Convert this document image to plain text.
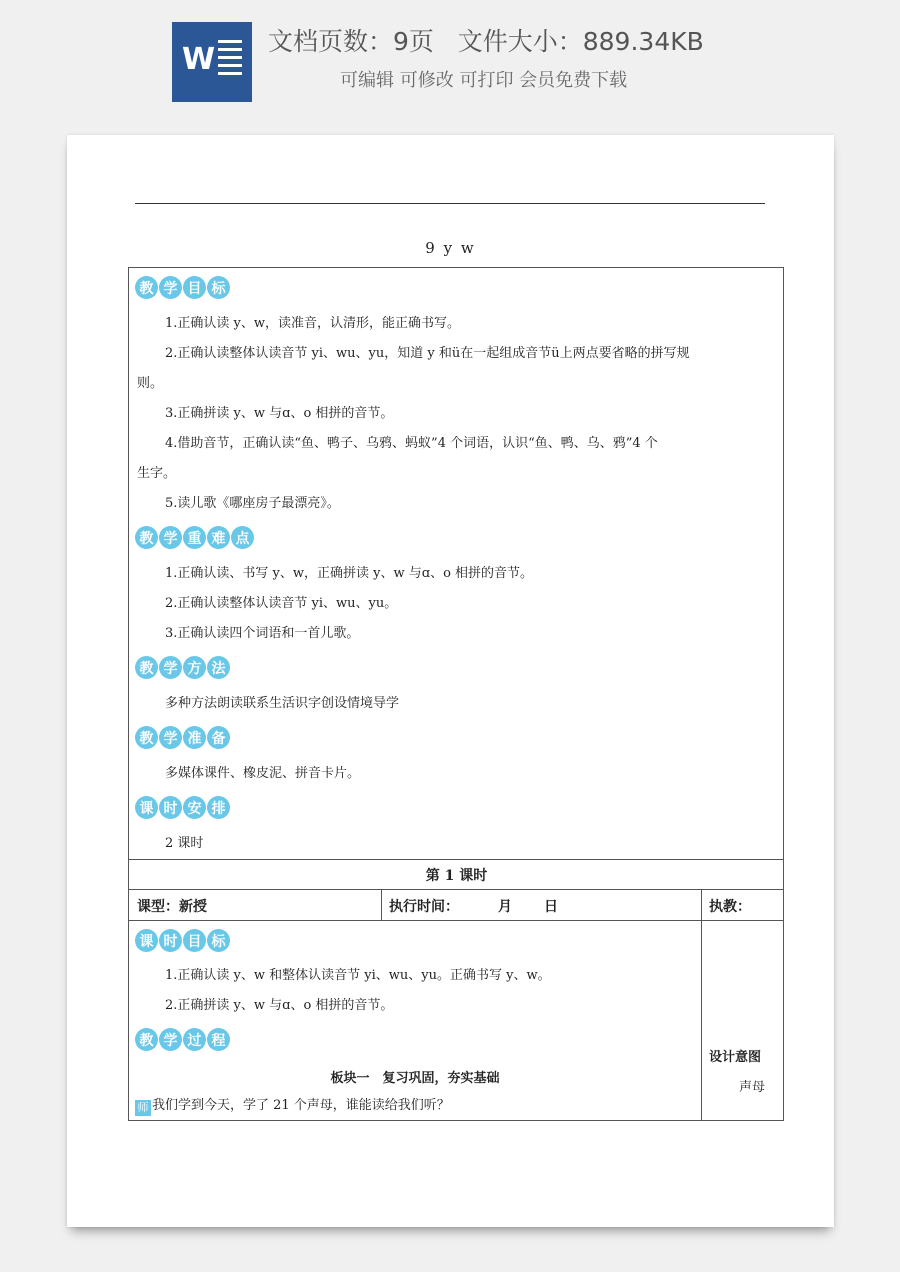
W
文档页数：9页   文件大小：889.34KB
可编辑 可修改 可打印 会员免费下载
9 y w
教 学 目 标
1.正确认读 y、w，读准音，认清形，能正确书写。
2.正确认读整体认读音节 yi、wu、yu，知道 y 和ü在一起组成音节ü上两点要省略的拼写规
则。
3.正确拼读 y、w 与ɑ、o 相拼的音节。
4.借助音节，正确认读“鱼、鸭子、乌鸦、蚂蚁”4 个词语，认识“鱼、鸭、乌、鸦”4 个
生字。
5.读儿歌《哪座房子最漂亮》。
教 学 重 难 点
1.正确认读、书写 y、w，正确拼读 y、w 与ɑ、o 相拼的音节。
2.正确认读整体认读音节 yi、wu、yu。
3.正确认读四个词语和一首儿歌。
教 学 方 法
多种方法朗读联系生活识字创设情境导学
教 学 准 备
多媒体课件、橡皮泥、拼音卡片。
课 时 安 排
2 课时
第 1 课时
课型：新授	执行时间：	月 日	执教：
课 时 目 标
1.正确认读 y、w 和整体认读音节 yi、wu、yu。正确书写 y、w。
2.正确拼读 y、w 与ɑ、o 相拼的音节。
教 学 过 程
板块一　复习巩固，夯实基础
师 我们学到今天，学了 21 个声母，谁能读给我们听？
设计意图
声母
